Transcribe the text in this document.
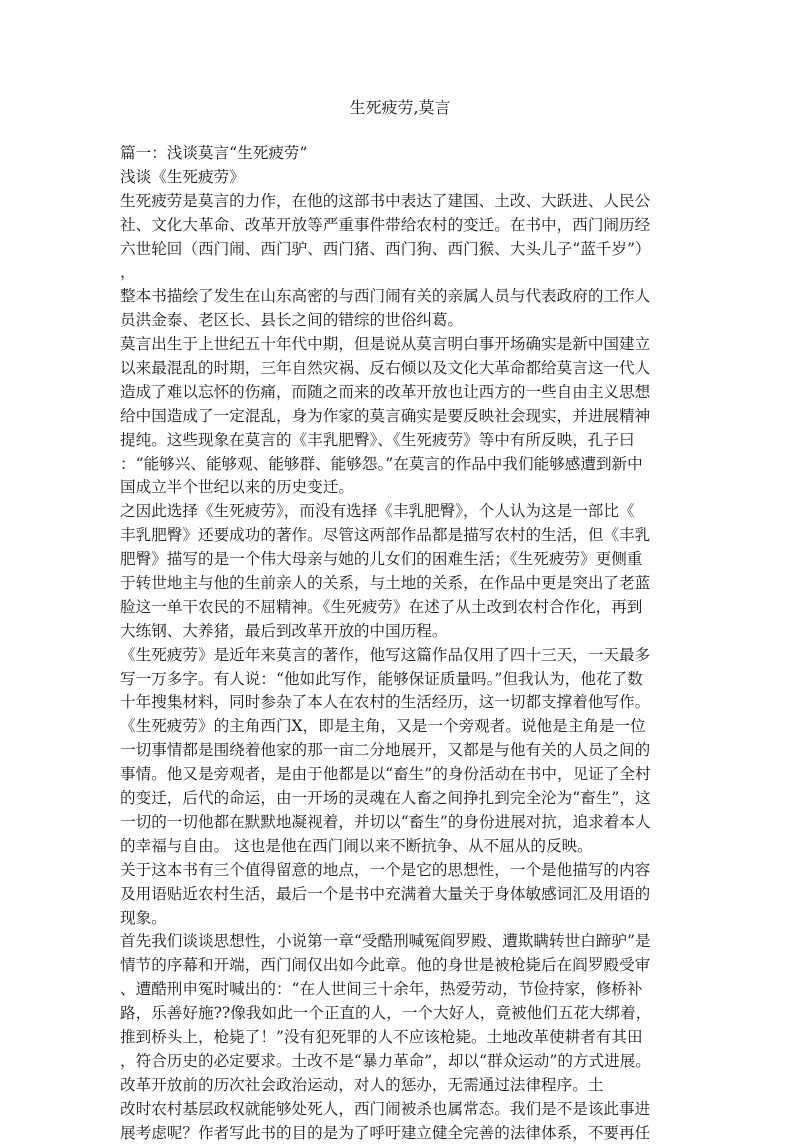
生死疲劳,莫言
篇一：浅谈莫言“生死疲劳”
浅谈《生死疲劳》
生死疲劳是莫言的力作，在他的这部书中表达了建国、土改、大跃进、人民公
社、文化大革命、改革开放等严重事件带给农村的变迁。在书中，西门闹历经
六世轮回（西门闹、西门驴、西门猪、西门狗、西门猴、大头儿子“蓝千岁”）
，
整本书描绘了发生在山东高密的与西门闹有关的亲属人员与代表政府的工作人
员洪金泰、老区长、县长之间的错综的世俗纠葛。
莫言出生于上世纪五十年代中期，但是说从莫言明白事开场确实是新中国建立
以来最混乱的时期，三年自然灾祸、反右倾以及文化大革命都给莫言这一代人
造成了难以忘怀的伤痛，而随之而来的改革开放也让西方的一些自由主义思想
给中国造成了一定混乱，身为作家的莫言确实是要反映社会现实，并进展精神
提纯。这些现象在莫言的《丰乳肥臀》、《生死疲劳》等中有所反映，孔子曰
：“能够兴、能够观、能够群、能够怨。”在莫言的作品中我们能够感遭到新中
国成立半个世纪以来的历史变迁。
之因此选择《生死疲劳》，而没有选择《丰乳肥臀》，个人认为这是一部比《
丰乳肥臀》还要成功的著作。尽管这两部作品都是描写农村的生活，但《丰乳
肥臀》描写的是一个伟大母亲与她的儿女们的困难生活；《生死疲劳》更侧重
于转世地主与他的生前亲人的关系，与土地的关系，在作品中更是突出了老蓝
脸这一单干农民的不屈精神。《生死疲劳》在述了从土改到农村合作化，再到
大练钢、大养猪，最后到改革开放的中国历程。
《生死疲劳》是近年来莫言的著作，他写这篇作品仅用了四十三天，一天最多
写一万多字。有人说：“他如此写作，能够保证质量吗。”但我认为，他花了数
十年搜集材料，同时参杂了本人在农村的生活经历，这一切都支撑着他写作。
《生死疲劳》的主角西门X，即是主角，又是一个旁观者。说他是主角是一位
一切事情都是围绕着他家的那一亩二分地展开，又都是与他有关的人员之间的
事情。他又是旁观者，是由于他都是以“畜生”的身份活动在书中，见证了全村
的变迁，后代的命运，由一开场的灵魂在人畜之间挣扎到完全沦为“畜生”，这
一切的一切他都在默默地凝视着，并切以“畜生”的身份进展对抗，追求着本人
的幸福与自由。 这也是他在西门闹以来不断抗争、从不屈从的反映。
关于这本书有三个值得留意的地点，一个是它的思想性，一个是他描写的内容
及用语贴近农村生活，最后一个是书中充满着大量关于身体敏感词汇及用语的
现象。
首先我们谈谈思想性，小说第一章“受酷刑喊冤阎罗殿、遭欺瞒转世白蹄驴”是
情节的序幕和开端，西门闹仅出如今此章。他的身世是被枪毙后在阎罗殿受审
、遭酷刑申冤时喊出的：“在人世间三十余年，热爱劳动，节俭持家，修桥补
路，乐善好施??像我如此一个正直的人，一个大好人，竟被他们五花大绑着，
推到桥头上，枪毙了！”没有犯死罪的人不应该枪毙。土地改革使耕者有其田
，符合历史的必定要求。土改不是“暴力革命”，却以“群众运动”的方式进展。
改革开放前的历次社会政治运动，对人的惩办，无需通过法律程序。土
改时农村基层政权就能够处死人，西门闹被杀也属常态。我们是不是该此事进
展考虑呢？作者写此书的目的是为了呼吁建立健全完善的法律体系，不要再任
